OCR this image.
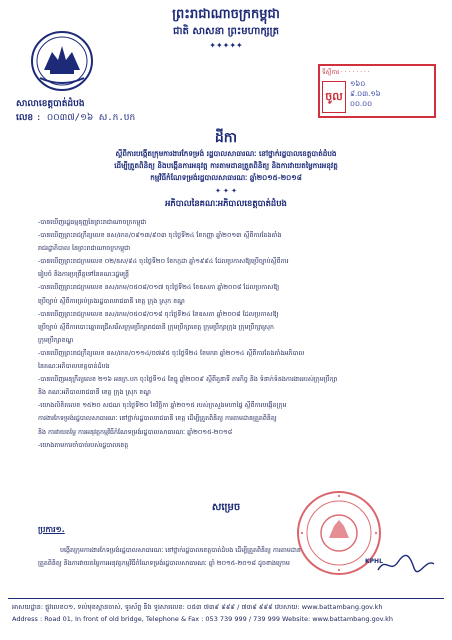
ព្រះរាជាណាចក្រកម្ពុជា
ជាតិ សាសនា ព្រះមហាក្សត្រ
✦✦✦✦✦
សាលាខេត្តបាត់ដំបង
លេខ : ០០៣៧/១៦ ស.ក.បក
ទីស្តីការ · · · · · · · ·
ចូល
១៦០
៩.០៣.១៦
០០.០០
ដីកា
ស្តីពីការបង្កើតក្រុមការងារកែទម្រង់ រដ្ឋបាលសាធារណៈ នៅថ្នាក់រដ្ឋបាលខេត្តបាត់ដំបង
ដើម្បីត្រួតពិនិត្យ និងបង្កើនការអនុវត្ត ការតាមដានត្រួតពិនិត្យ និងការវាយតម្លៃការអនុវត្ត
កម្មវិធីកំណែទម្រង់រដ្ឋបាលសាធារណៈ ឆ្នាំ២០១៥-២០១៨
✦ ✦ ✦
អភិបាលនៃគណៈអភិបាលខេត្តបាត់ដំបង
-បានឃើញរដ្ឋធម្មនុញ្ញនៃព្រះរាជាណាចក្រកម្ពុជា
-បានឃើញព្រះរាជក្រឹត្យលេខ នស/រកត/០៩១៣/៩០៣ ចុះថ្ងៃទី២៤ ខែកញ្ញា ឆ្នាំ២០១៣ ស្តីពីការតែងតាំង
រាជរដ្ឋាភិបាល នៃព្រះរាជាណាចក្រកម្ពុជា
-បានឃើញព្រះរាជក្រមលេខ ០២/នស/៩៤ ចុះថ្ងៃទី២០ ខែកក្កដា ឆ្នាំ១៩៩៤ ដែលប្រកាសឱ្យប្រើច្បាប់ស្តីពីការ
រៀបចំ និងការប្រព្រឹត្តទៅនៃគណៈរដ្ឋមន្ត្រី
-បានឃើញព្រះរាជក្រមលេខ នស/រកម/០៥០៨/០១៧ ចុះថ្ងៃទី២៤ ខែឧសភា ឆ្នាំ២០០៨ ដែលប្រកាសឱ្យ
ប្រើច្បាប់ ស្តីពីការគ្រប់គ្រងរដ្ឋបាលរាជធានី ខេត្ត ក្រុង ស្រុក ខណ្ឌ
-បានឃើញព្រះរាជក្រមលេខ នស/រកម/០៥០៨/០១៨ ចុះថ្ងៃទី២៤ ខែឧសភា ឆ្នាំ២០០៨ ដែលប្រកាសឱ្យ
ប្រើច្បាប់ ស្តីពីការបោះឆ្នោតជ្រើសរើសក្រុមប្រឹក្សារាជធានី ក្រុមប្រឹក្សាខេត្ត ក្រុមប្រឹក្សាក្រុង ក្រុមប្រឹក្សាស្រុក
ក្រុមប្រឹក្សាខណ្ឌ
-បានឃើញព្រះរាជក្រឹត្យលេខ នស/រកត/០១១៤/០៧៩៥ ចុះថ្ងៃទី២៤ ខែមករា ឆ្នាំ២០១៤ ស្តីពីការតែងតាំងអភិបាល
នៃគណៈអភិបាលខេត្តបាត់ដំបង
-បានឃើញអនុក្រឹត្យលេខ ២១៦ អនក្រ.បក ចុះថ្ងៃទី១៤ ខែធ្នូ ឆ្នាំ២០០៩ ស្តីពីតួនាទី ភារកិច្ច និង ទំនាក់ទំនងការងាររបស់ក្រុមប្រឹក្សា
និង គណៈអភិបាលរាជធានី ខេត្ត ក្រុង ស្រុក ខណ្ឌ
-យោងលិខិតលេខ ១៥២០ សជណ ចុះថ្ងៃទី២០ ខែវិច្ឆិកា ឆ្នាំ២០១៥ របស់ក្រសួងមហាផ្ទៃ ស្តីពីការបង្កើតក្រុម
ការងារកែទម្រង់រដ្ឋបាលសាធារណៈ នៅថ្នាក់រដ្ឋបាលរាជធានី ខេត្ត ដើម្បីត្រួតពិនិត្យ ការតាមដានត្រួតពិនិត្យ
និង ការវាយតម្លៃ ការអនុវត្តកម្មវិធីកំណែទម្រង់រដ្ឋបាលសាធារណៈ ឆ្នាំ២០១៥-២០១៨
-យោងតាមការចាំបាច់របស់រដ្ឋបាលខេត្ត
សម្រេច
ប្រការ១.
បង្កើតក្រុមការងារកែទម្រង់រដ្ឋបាលសាធារណៈ នៅថ្នាក់រដ្ឋបាលខេត្តបាត់ដំបង ដើម្បីត្រួតពិនិត្យ ការតាមដាន
ត្រួតពិនិត្យ និងការវាយតម្លៃការអនុវត្តកម្មវិធីកំណែទម្រង់រដ្ឋបាលសាធារណៈ ឆ្នាំ ២០១៥-២០១៨ ដូចខាងក្រោម	KPHL
អាសយដ្ឋាន: ផ្លូវលេខ០១, ទល់មុខស្ពានចាស់, ទូរស័ព្ទ និង ទូរសារលេខ: ០៥៣ ៧៣៩ ៩៩៩ / ៧៣៩ ៩៩៩ វេបសាយ: www.battambang.gov.kh
Address : Road 01, In front of old bridge, Telephone & Fax : 053 739 999 / 739 999 Website: www.battambang.gov.kh
